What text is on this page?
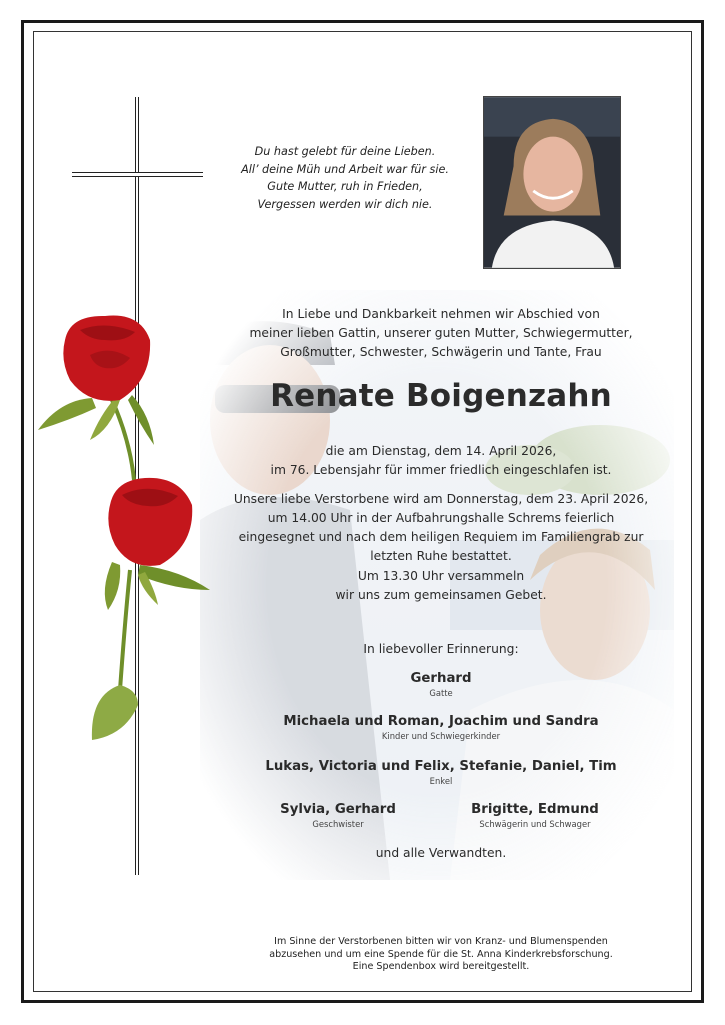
Du hast gelebt für deine Lieben.
All’ deine Müh und Arbeit war für sie.
Gute Mutter, ruh in Frieden,
Vergessen werden wir dich nie.
In Liebe und Dankbarkeit nehmen wir Abschied von
meiner lieben Gattin, unserer guten Mutter, Schwiegermutter,
Großmutter, Schwester, Schwägerin und Tante, Frau
Renate Boigenzahn
die am Dienstag, dem 14. April 2026,
im 76. Lebensjahr für immer friedlich eingeschlafen ist.
Unsere liebe Verstorbene wird am Donnerstag, dem 23. April 2026,
um 14.00 Uhr in der Aufbahrungshalle Schrems feierlich
eingesegnet und nach dem heiligen Requiem im Familiengrab zur
letzten Ruhe bestattet.
Um 13.30 Uhr versammeln
wir uns zum gemeinsamen Gebet.
In liebevoller Erinnerung:
Gerhard
Gatte
Michaela und Roman, Joachim und Sandra
Kinder und Schwiegerkinder
Lukas, Victoria und Felix, Stefanie, Daniel, Tim
Enkel
Sylvia, Gerhard
Geschwister
Brigitte, Edmund
Schwägerin und Schwager
und alle Verwandten.
Im Sinne der Verstorbenen bitten wir von Kranz- und Blumenspenden
abzusehen und um eine Spende für die St. Anna Kinderkrebsforschung.
Eine Spendenbox wird bereitgestellt.
